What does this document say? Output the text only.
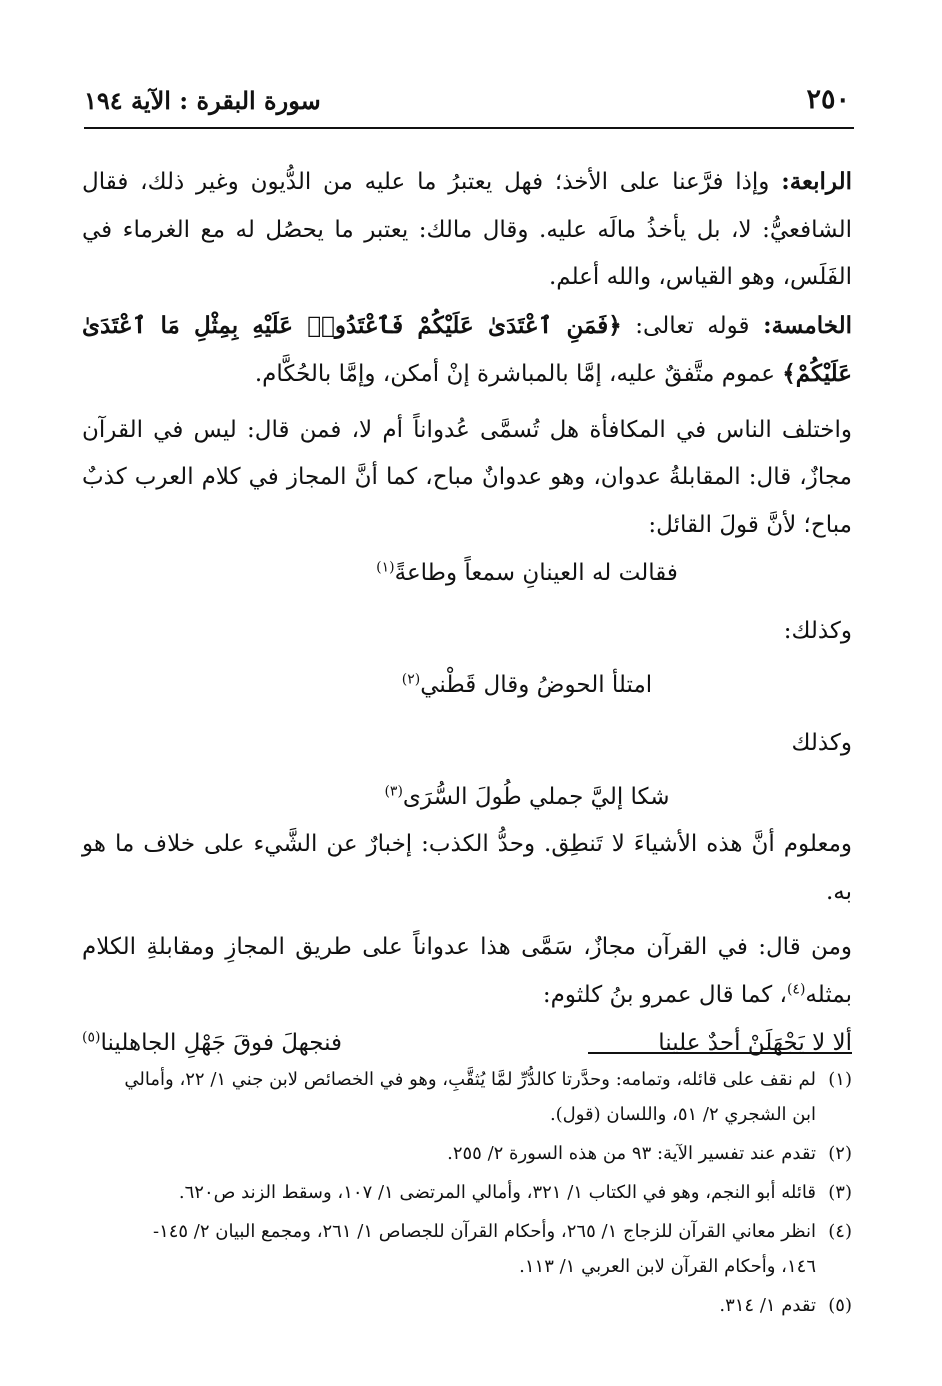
٢٥٠
سورة البقرة : الآية ١٩٤

الرابعة: وإذا فرَّعنا على الأخذ؛ فهل يعتبرُ ما عليه من الدُّيون وغير ذلك، فقال الشافعيُّ: لا، بل يأخذُ مالَه عليه. وقال مالك: يعتبر ما يحصُل له مع الغرماء في الفَلَس، وهو القياس، والله أعلم.

الخامسة: قوله تعالى: ﴿فَمَنِ ٱعْتَدَىٰ عَلَيْكُمْ فَٱعْتَدُوا۟ عَلَيْهِ بِمِثْلِ مَا ٱعْتَدَىٰ عَلَيْكُمْ﴾ عموم متَّفقٌ عليه، إمَّا بالمباشرة إنْ أمكن، وإمَّا بالحُكَّام.

واختلف الناس في المكافأة هل تُسمَّى عُدواناً أم لا، فمن قال: ليس في القرآن مجازٌ، قال: المقابلةُ عدوان، وهو عدوانٌ مباح، كما أنَّ المجاز في كلام العرب كذبٌ مباح؛ لأنَّ قولَ القائل:

فقالت له العينانِ سمعاً وطاعةً$^{(١)}$

وكذلك:

امتلأ الحوضُ وقال قَطْني$^{(٢)}$

وكذلك

شكا إليَّ جملي طُولَ السُّرَى$^{(٣)}$

ومعلوم أنَّ هذه الأشياءَ لا تَنطِق. وحدُّ الكذب: إخبارٌ عن الشَّيء على خلاف ما هو به.

ومن قال: في القرآن مجازٌ، سَمَّى هذا عدواناً على طريق المجازِ ومقابلةِ الكلام بمثله$^{(٤)}$، كما قال عمرو بنُ كلثوم:

ألا لا يَجْهَلَنْ أحدٌ علينا
فنجهلَ فوقَ جَهْلِ الجاهلينا$^{(٥)}$

(١)لم نقف على قائله، وتمامه: وحدَّرتا كالدُّرِّ لمَّا يُثقَّبِ، وهو في الخصائص لابن جني ١/ ٢٢، وأمالي

ابن الشجري ٢/ ٥١، واللسان (قول).

(٢)تقدم عند تفسير الآية: ٩٣ من هذه السورة ٢/ ٢٥٥.

(٣)قائله أبو النجم، وهو في الكتاب ١/ ٣٢١، وأمالي المرتضى ١/ ١٠٧، وسقط الزند ص٦٢٠.

(٤)انظر معاني القرآن للزجاج ١/ ٢٦٥، وأحكام القرآن للجصاص ١/ ٢٦١، ومجمع البيان ٢/ ١٤٥-

١٤٦، وأحكام القرآن لابن العربي ١/ ١١٣.

(٥)تقدم ١/ ٣١٤.
